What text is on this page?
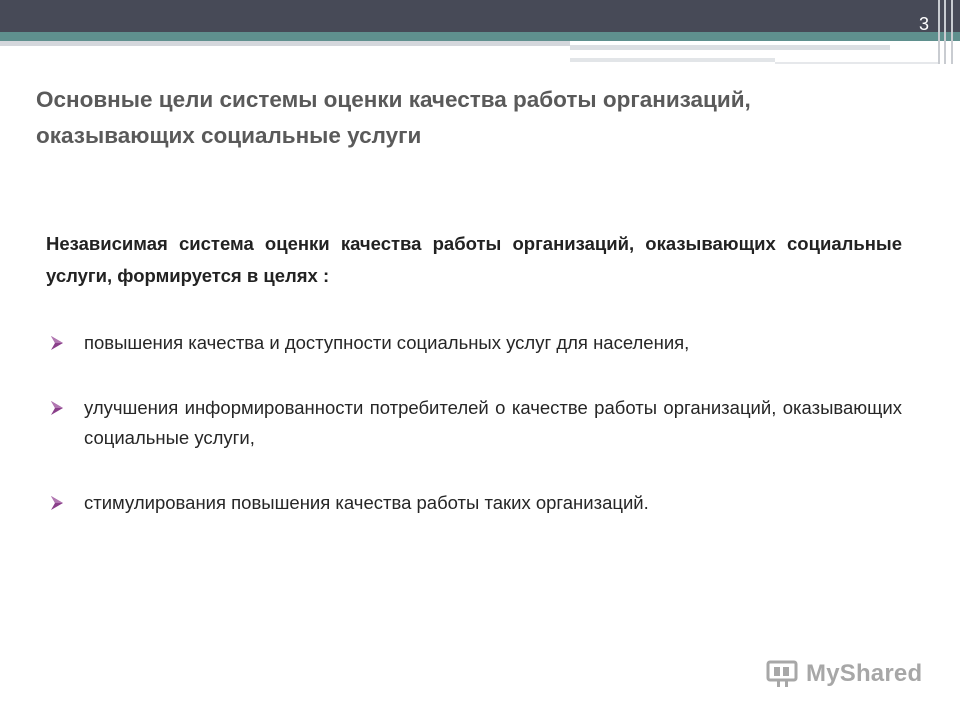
3
Основные цели системы оценки качества работы организаций,
оказывающих социальные услуги

Независимая система оценки качества работы организаций, оказывающих социальные услуги, формируется в целях :

повышения качества и доступности социальных услуг для населения,
улучшения информированности потребителей о качестве работы организаций, оказывающих социальные услуги,
стимулирования повышения качества работы таких организаций.
MyShared
